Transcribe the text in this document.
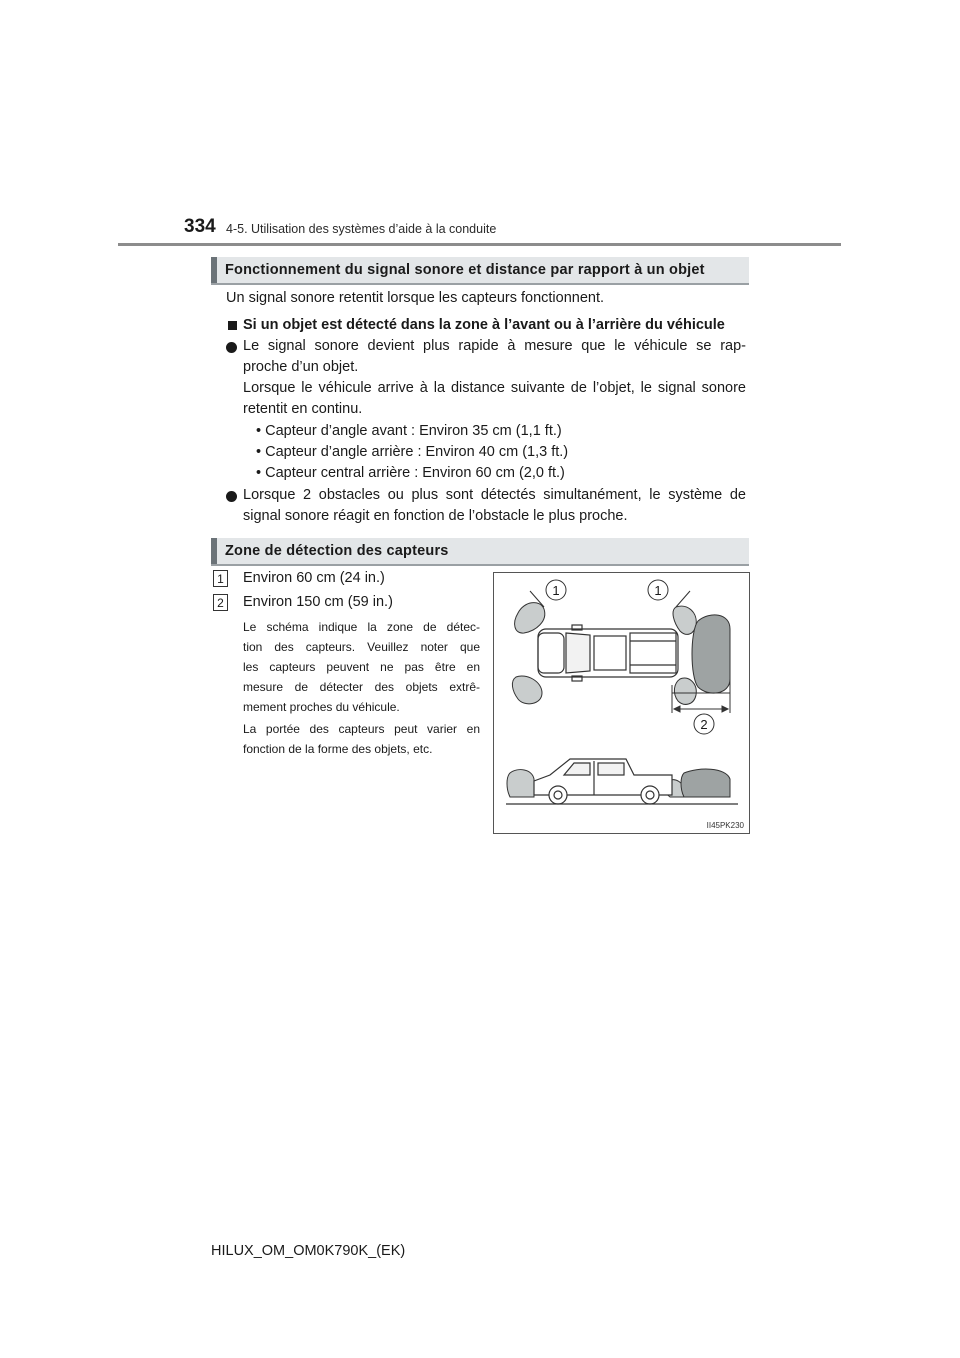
334 4-5. Utilisation des systèmes d’aide à la conduite
Fonctionnement du signal sonore et distance par rapport à un objet
Un signal sonore retentit lorsque les capteurs fonctionnent.
Si un objet est détecté dans la zone à l’avant ou à l’arrière du véhicule
Le signal sonore devient plus rapide à mesure que le véhicule se rap-
proche d’un objet.
Lorsque le véhicule arrive à la distance suivante de l’objet, le signal sonore
retentit en continu.
• Capteur d’angle avant : Environ 35 cm (1,1 ft.)
• Capteur d’angle arrière : Environ 40 cm (1,3 ft.)
• Capteur central arrière : Environ 60 cm (2,0 ft.)
Lorsque 2 obstacles ou plus sont détectés simultanément, le système de
signal sonore réagit en fonction de l’obstacle le plus proche.
Zone de détection des capteurs
1 Environ 60 cm (24 in.)
2 Environ 150 cm (59 in.)
Le schéma indique la zone de détec-
tion des capteurs. Veuillez noter que
les capteurs peuvent ne pas être en
mesure de détecter des objets extrê-
mement proches du véhicule.
La portée des capteurs peut varier en
fonction de la forme des objets, etc.
1	1
2
II45PK230
HILUX_OM_OM0K790K_(EK)
